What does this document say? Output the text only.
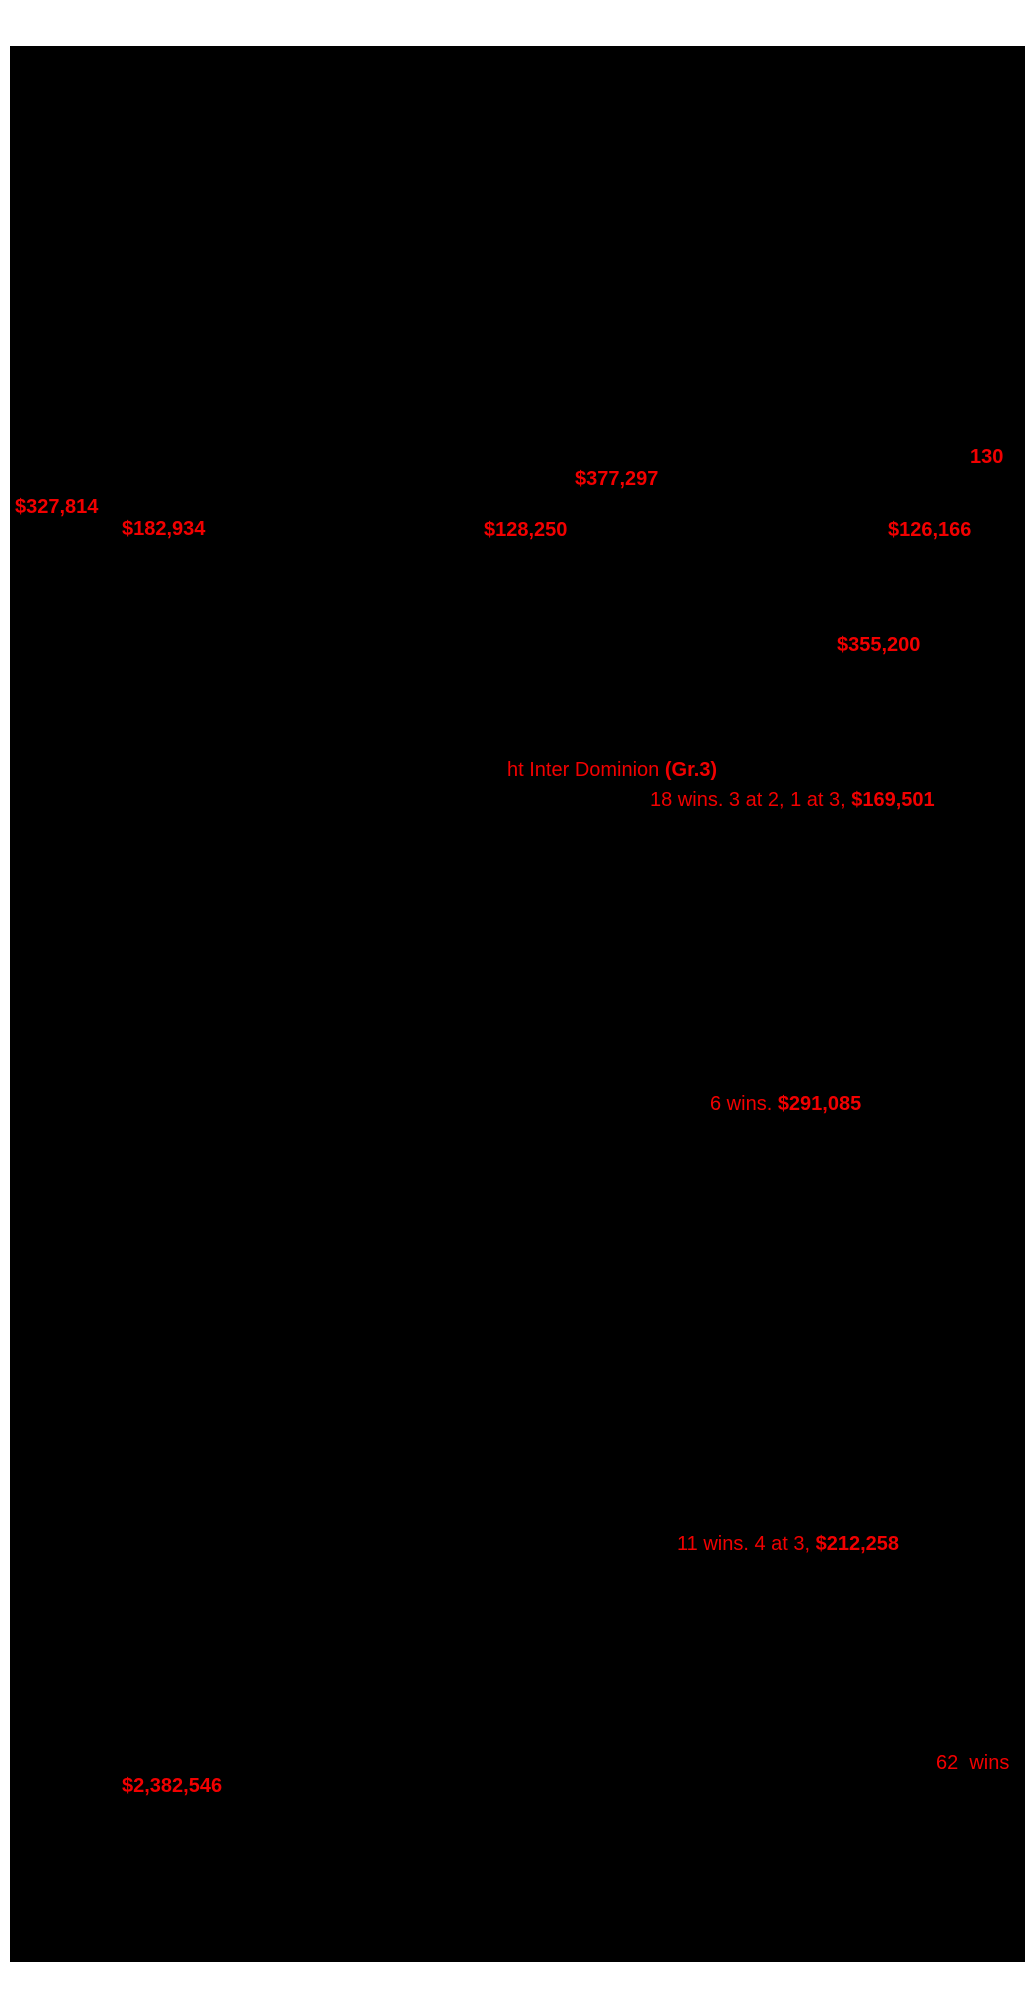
130
$377,297
$327,814
$182,934	$128,250	$126,166
$355,200
ht Inter Dominion (Gr.3)
18 wins. 3 at 2, 1 at 3, $169,501
6 wins. $291,085
11 wins. 4 at 3, $212,258
62  wins
$2,382,546
